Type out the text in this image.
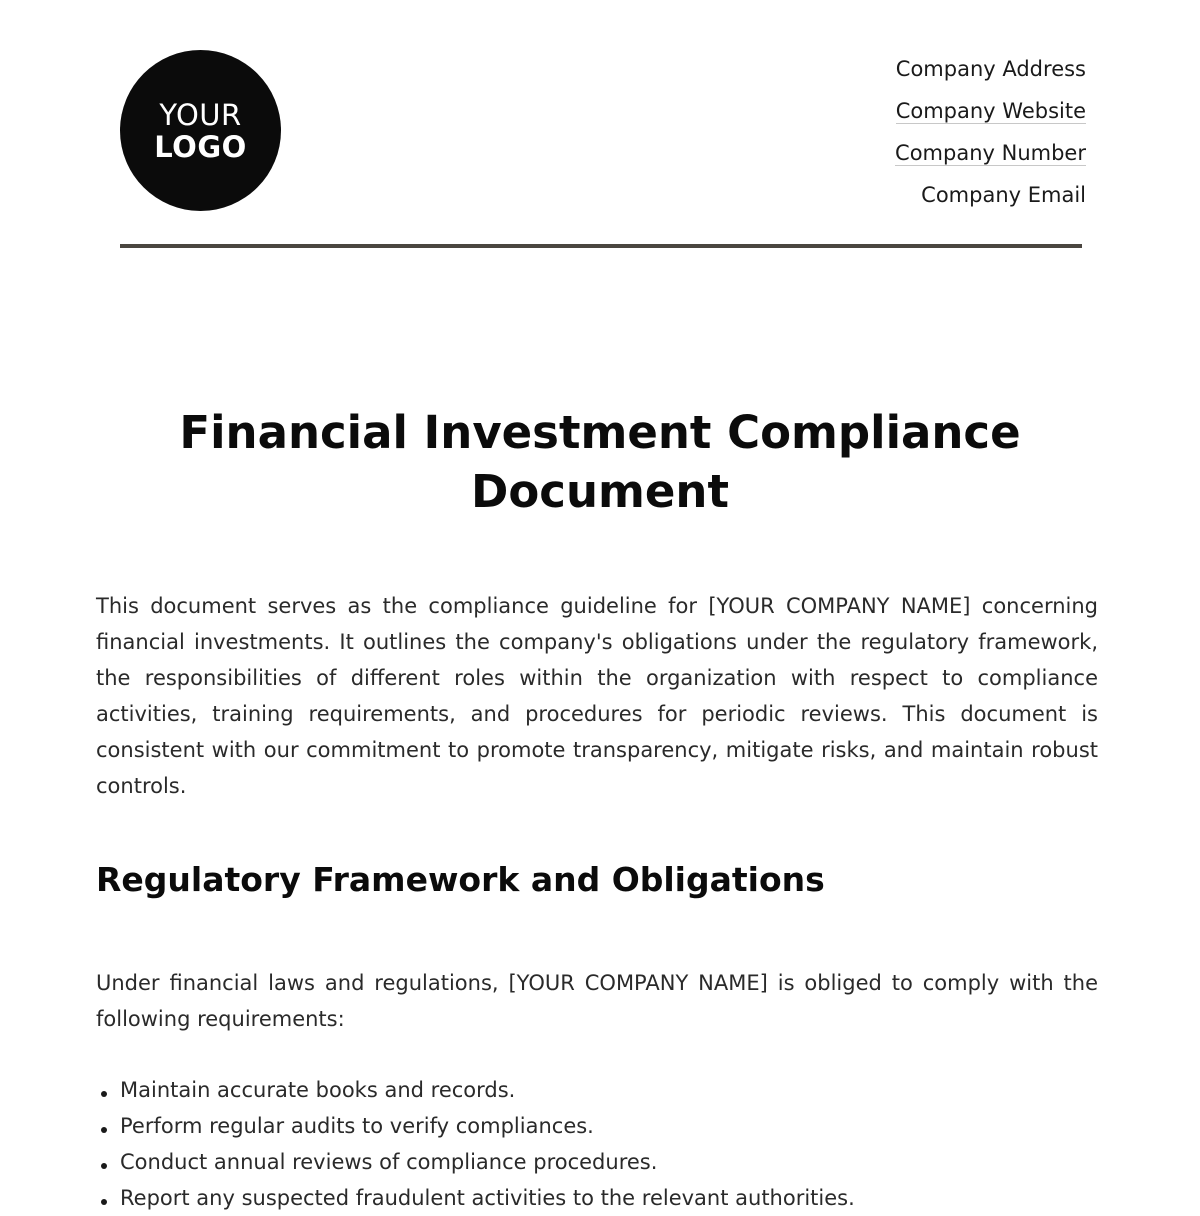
YOUR
LOGO
Company Address
Company Website
Company Number
Company Email
Financial Investment Compliance Document

This document serves as the compliance guideline for [YOUR COMPANY NAME] concerning financial investments. It outlines the company's obligations under the regulatory framework, the responsibilities of different roles within the organization with respect to compliance activities, training requirements, and procedures for periodic reviews. This document is consistent with our commitment to promote transparency, mitigate risks, and maintain robust controls.

Regulatory Framework and Obligations

Under financial laws and regulations, [YOUR COMPANY NAME] is obliged to comply with the following requirements:

Maintain accurate books and records.
Perform regular audits to verify compliances.
Conduct annual reviews of compliance procedures.
Report any suspected fraudulent activities to the relevant authorities.
